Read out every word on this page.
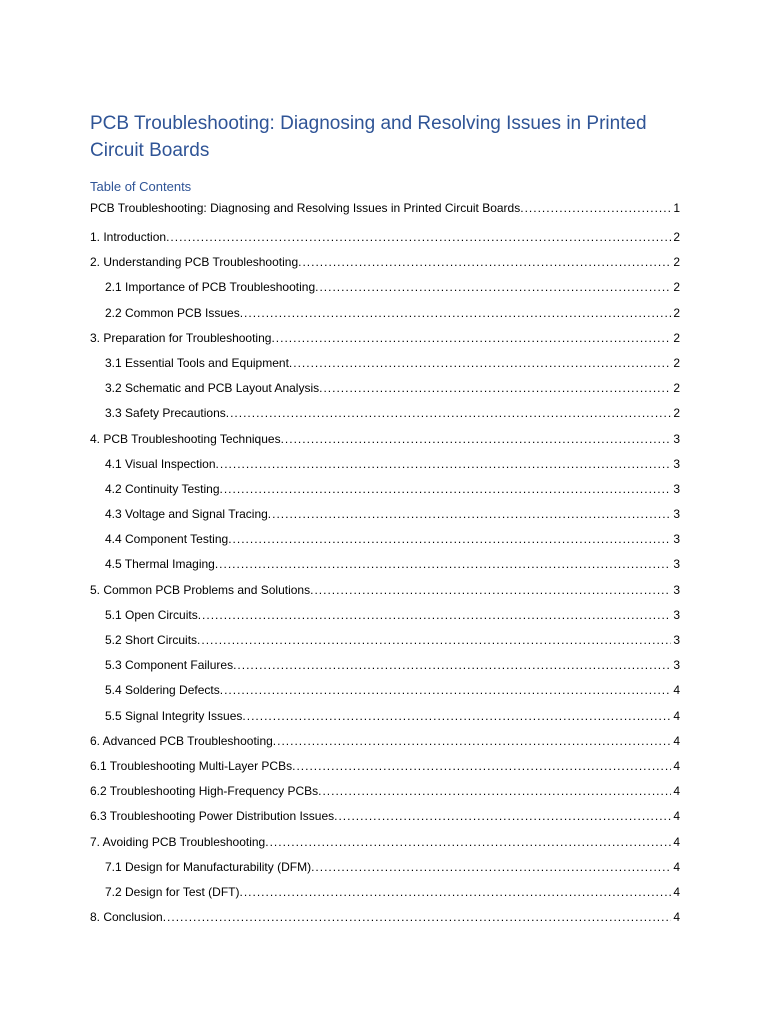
PCB Troubleshooting: Diagnosing and Resolving Issues in Printed Circuit Boards
Table of Contents
PCB Troubleshooting: Diagnosing and Resolving Issues in Printed Circuit Boards .....	1
1. Introduction .....	2
2. Understanding PCB Troubleshooting .....	2
2.1 Importance of PCB Troubleshooting .....	2
2.2 Common PCB Issues .....	2
3. Preparation for Troubleshooting .....	2
3.1 Essential Tools and Equipment .....	2
3.2 Schematic and PCB Layout Analysis .....	2
3.3 Safety Precautions .....	2
4. PCB Troubleshooting Techniques .....	3
4.1 Visual Inspection .....	3
4.2 Continuity Testing .....	3
4.3 Voltage and Signal Tracing .....	3
4.4 Component Testing .....	3
4.5 Thermal Imaging .....	3
5. Common PCB Problems and Solutions .....	3
5.1 Open Circuits .....	3
5.2 Short Circuits .....	3
5.3 Component Failures .....	3
5.4 Soldering Defects .....	4
5.5 Signal Integrity Issues .....	4
6. Advanced PCB Troubleshooting .....	4
6.1 Troubleshooting Multi-Layer PCBs .....	4
6.2 Troubleshooting High-Frequency PCBs .....	4
6.3 Troubleshooting Power Distribution Issues .....	4
7. Avoiding PCB Troubleshooting .....	4
7.1 Design for Manufacturability (DFM) .....	4
7.2 Design for Test (DFT) .....	4
8. Conclusion .....	4
